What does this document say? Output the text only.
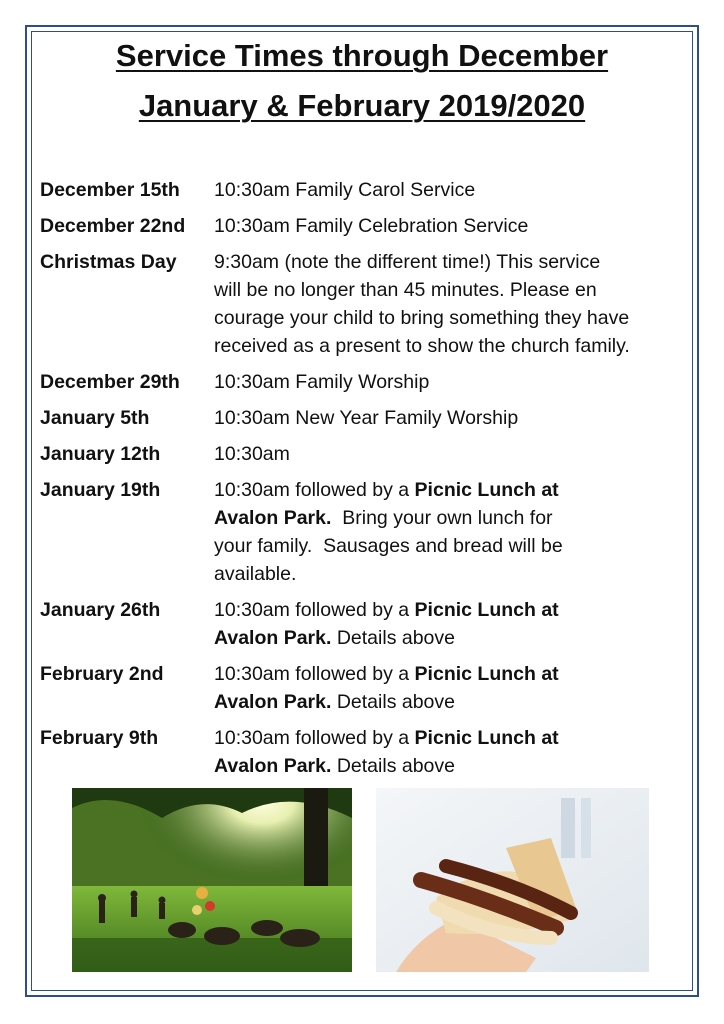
Service Times through December
January & February 2019/2020
December 15th	10:30am Family Carol Service
December 22nd	10:30am Family Celebration Service
Christmas Day	9:30am (note the different time!) This service
will be no longer than 45 minutes. Please en
courage your child to bring something they have
received as a present to show the church family.
December 29th	10:30am Family Worship
January 5th	10:30am New Year Family Worship
January 12th	10:30am
January 19th	10:30am followed by a Picnic Lunch at
Avalon Park.  Bring your own lunch for
your family.  Sausages and bread will be
available.
January 26th	10:30am followed by a Picnic Lunch at
Avalon Park. Details above
February 2nd	10:30am followed by a Picnic Lunch at
Avalon Park. Details above
February 9th	10:30am followed by a Picnic Lunch at
Avalon Park. Details above
